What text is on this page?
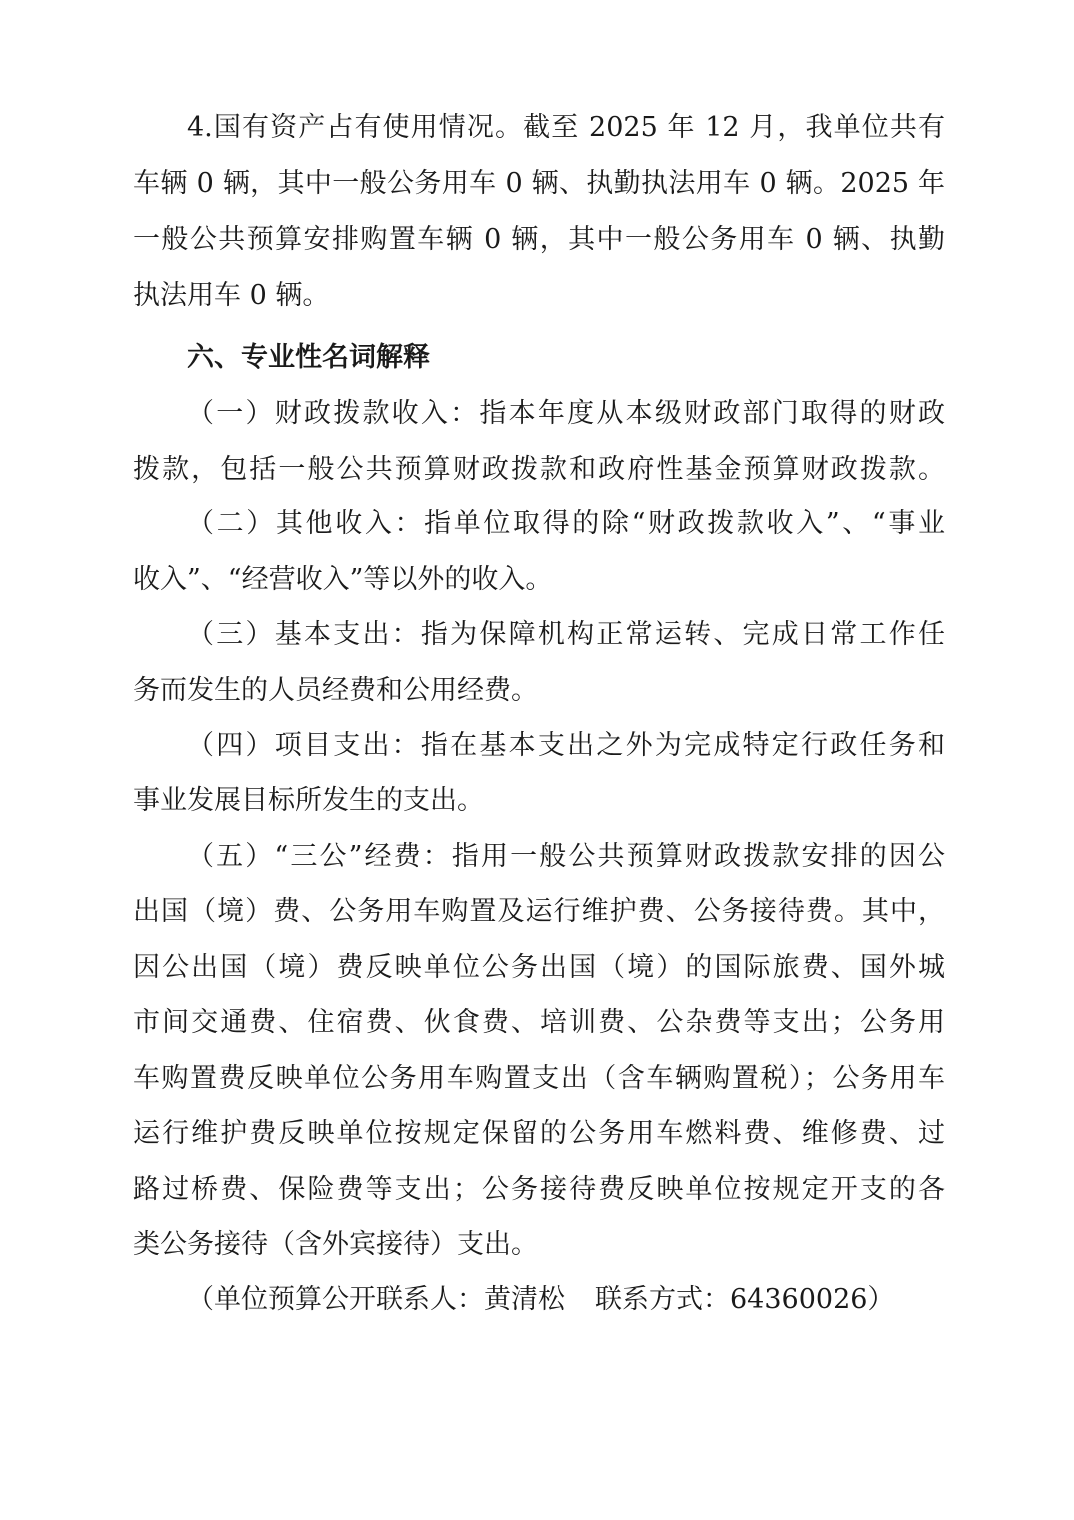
4.国有资产占有使用情况。截至 2025 年 12 月，我单位共有
车辆 0 辆，其中一般公务用车 0 辆、执勤执法用车 0 辆。2025 年
一般公共预算安排购置车辆 0 辆，其中一般公务用车 0 辆、执勤
执法用车 0 辆。
六、专业性名词解释
（一）财政拨款收入：指本年度从本级财政部门取得的财政
拨款，包括一般公共预算财政拨款和政府性基金预算财政拨款。
（二）其他收入：指单位取得的除“财政拨款收入”、“事业
收入”、“经营收入”等以外的收入。
（三）基本支出：指为保障机构正常运转、完成日常工作任
务而发生的人员经费和公用经费。
（四）项目支出：指在基本支出之外为完成特定行政任务和
事业发展目标所发生的支出。
（五）“三公”经费：指用一般公共预算财政拨款安排的因公
出国（境）费、公务用车购置及运行维护费、公务接待费。其中，
因公出国（境）费反映单位公务出国（境）的国际旅费、国外城
市间交通费、住宿费、伙食费、培训费、公杂费等支出；公务用
车购置费反映单位公务用车购置支出（含车辆购置税）；公务用车
运行维护费反映单位按规定保留的公务用车燃料费、维修费、过
路过桥费、保险费等支出；公务接待费反映单位按规定开支的各
类公务接待（含外宾接待）支出。
（单位预算公开联系人：黄清松 联系方式：64360026）
